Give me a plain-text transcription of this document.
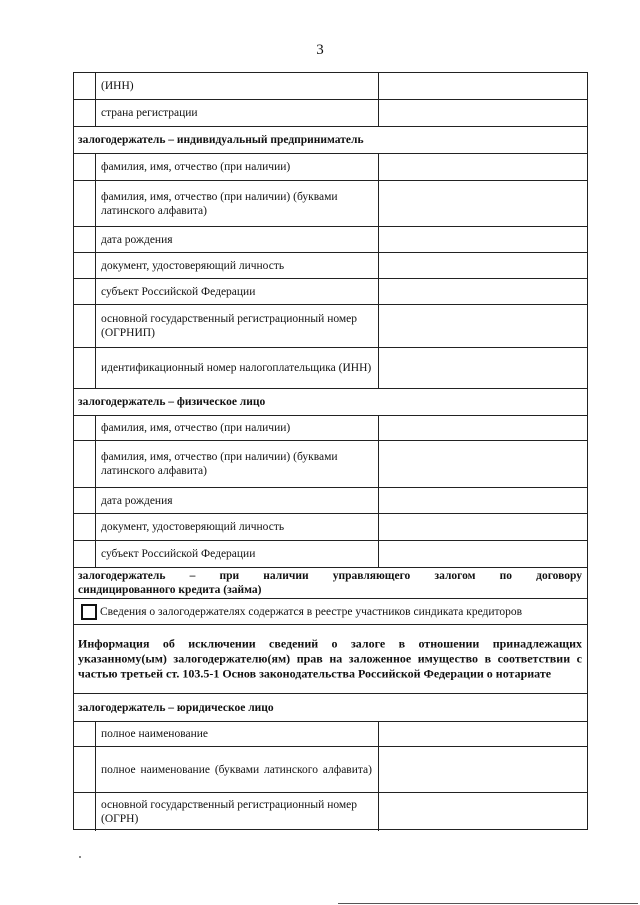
3
(ИНН)
страна регистрации
залогодержатель – индивидуальный предприниматель
фамилия, имя, отчество (при наличии)
фамилия, имя, отчество (при наличии) (буквами латинского алфавита)
дата рождения
документ, удостоверяющий личность
субъект Российской Федерации
основной государственный регистрационный номер (ОГРНИП)
идентификационный номер налогоплательщика (ИНН)
залогодержатель – физическое лицо
фамилия, имя, отчество (при наличии)
фамилия, имя, отчество (при наличии) (буквами латинского алфавита)
дата рождения
документ, удостоверяющий личность
субъект Российской Федерации
залогодержатель – при наличии управляющего залогом по договору
синдицированного кредита (займа)
Сведения о залогодержателях содержатся в реестре участников синдиката кредиторов
Информация об исключении сведений о залоге в отношении принадлежащих указанному(ым) залогодержателю(ям) прав на заложенное имущество в соответствии с частью третьей ст. 103.5-1 Основ законодательства Российской Федерации о нотариате
залогодержатель – юридическое лицо
полное наименование
полное наименование (буквами латинского алфавита)
основной государственный регистрационный номер (ОГРН)
